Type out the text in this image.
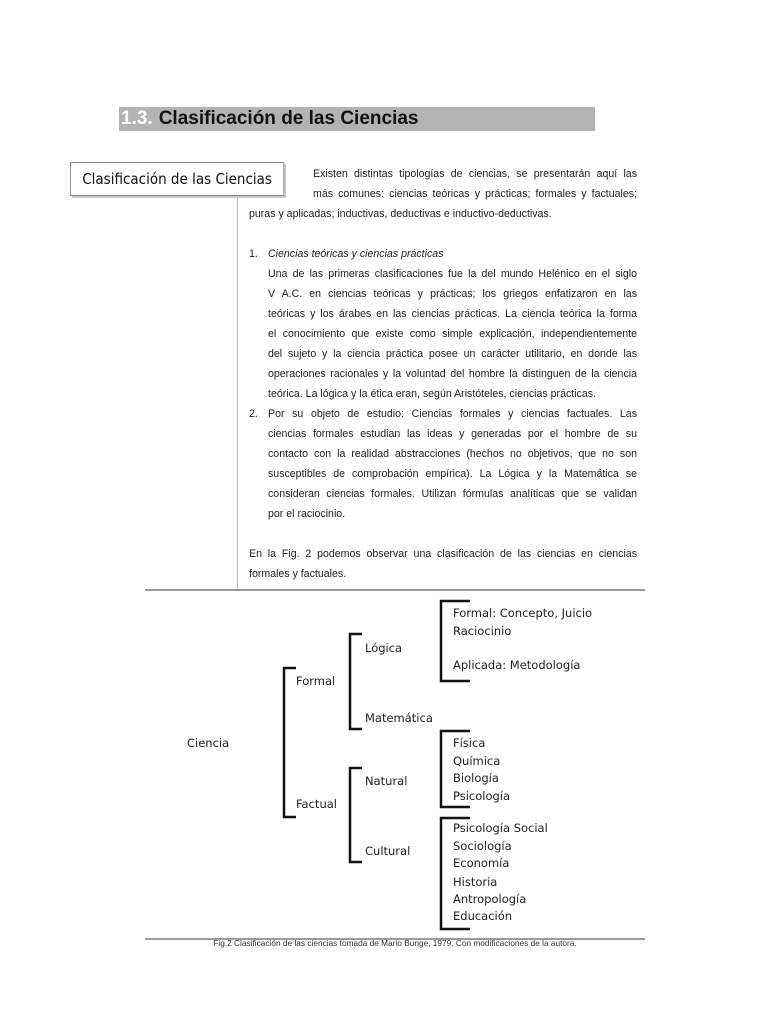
1.3. Clasificación de las Ciencias
Clasificación de las Ciencias	Existen distintas tipologías de ciencias, se presentarán aquí las
más comunes: ciencias teóricas y prácticas; formales y factuales;
puras y aplicadas; inductivas, deductivas e inductivo-deductivas.
1. Ciencias teóricas y ciencias prácticas
Una de las primeras clasificaciones fue la del mundo Helénico en el siglo
V A.C. en ciencias teóricas y prácticas; los griegos enfatizaron en las
teóricas y los árabes en las ciencias prácticas. La ciencia teórica la forma
el conocimiento que existe como simple explicación, independientemente
del sujeto y la ciencia práctica posee un carácter utilitario, en donde las
operaciones racionales y la voluntad del hombre la distinguen de la ciencia
teórica. La lógica y la ética eran, según Aristóteles, ciencias prácticas.
2. Por su objeto de estudio: Ciencias formales y ciencias factuales. Las
ciencias formales estudian las ideas y generadas por el hombre de su
contacto con la realidad abstracciones (hechos no objetivos, que no son
susceptibles de comprobación empírica). La Lógica y la Matemática se
consideran ciencias formales. Utilizan fórmulas analíticas que se validan
por el raciocinio.
En la Fig. 2 podemos observar una clasificación de las ciencias en ciencias
formales y factuales.
Ciencia
Formal
Factual
Lógica
Matemática
Natural
Cultural
Formal: Concepto, Juicio
Raciocinio
Aplicada: Metodología
Física
Química
Biología
Psicología
Psicología Social
Sociología
Economía
Historia
Antropología
Educación
Fig.2 Clasificación de las ciencias tomada de Mario Bunge, 1979. Con modificaciones de la autora.
